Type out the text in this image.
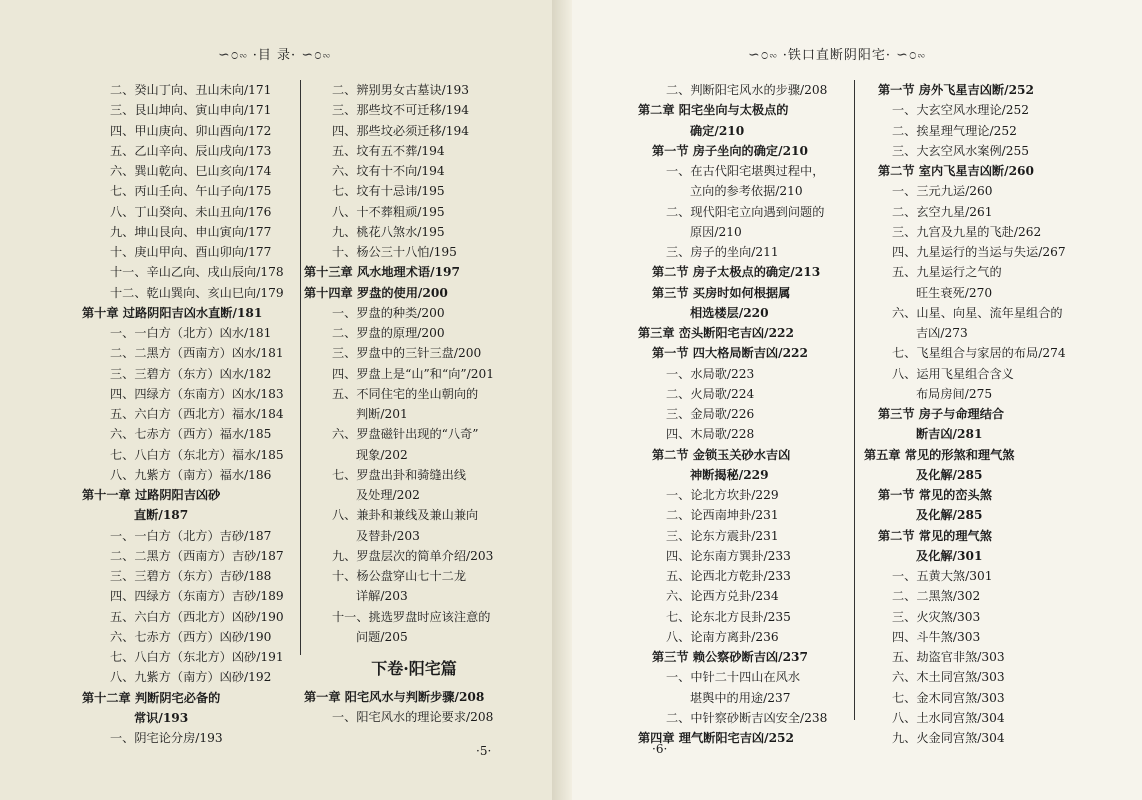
∽೦∾ ·目 录· ∽೦∾
二、癸山丁向、丑山未向/171
三、艮山坤向、寅山申向/171
四、甲山庚向、卯山酉向/172
五、乙山辛向、辰山戌向/173
六、巽山乾向、巳山亥向/174
七、丙山壬向、午山子向/175
八、丁山癸向、未山丑向/176
九、坤山艮向、申山寅向/177
十、庚山甲向、酉山卯向/177
十一、辛山乙向、戌山辰向/178
十二、乾山巽向、亥山巳向/179
第十章 过路阴阳吉凶水直断/181
一、一白方（北方）凶水/181
二、二黑方（西南方）凶水/181
三、三碧方（东方）凶水/182
四、四绿方（东南方）凶水/183
五、六白方（西北方）福水/184
六、七赤方（西方）福水/185
七、八白方（东北方）福水/185
八、九紫方（南方）福水/186
第十一章 过路阴阳吉凶砂
直断/187
一、一白方（北方）吉砂/187
二、二黑方（西南方）吉砂/187
三、三碧方（东方）吉砂/188
四、四绿方（东南方）吉砂/189
五、六白方（西北方）凶砂/190
六、七赤方（西方）凶砂/190
七、八白方（东北方）凶砂/191
八、九紫方（南方）凶砂/192
第十二章 判断阴宅必备的
常识/193
一、阴宅论分房/193
二、辨别男女古墓诀/193
三、那些坟不可迁移/194
四、那些坟必须迁移/194
五、坟有五不葬/194
六、坟有十不向/194
七、坟有十忌讳/195
八、十不葬粗顽/195
九、桃花八煞水/195
十、杨公三十八怕/195
第十三章 风水地理术语/197
第十四章 罗盘的使用/200
一、罗盘的种类/200
二、罗盘的原理/200
三、罗盘中的三针三盘/200
四、罗盘上是“山”和“向”/201
五、不同住宅的坐山朝向的
判断/201
六、罗盘磁针出现的“八奇”
现象/202
七、罗盘出卦和骑缝出线
及处理/202
八、兼卦和兼线及兼山兼向
及替卦/203
九、罗盘层次的简单介绍/203
十、杨公盘穿山七十二龙
详解/203
十一、挑选罗盘时应该注意的
问题/205
下卷·阳宅篇
第一章 阳宅风水与判断步骤/208
一、阳宅风水的理论要求/208
·5·
∽೦∾ ·铁口直断阴阳宅· ∽೦∾
二、判断阳宅风水的步骤/208
第二章 阳宅坐向与太极点的
确定/210
第一节 房子坐向的确定/210
一、在古代阳宅堪舆过程中，
立向的参考依据/210
二、现代阳宅立向遇到问题的
原因/210
三、房子的坐向/211
第二节 房子太极点的确定/213
第三节 买房时如何根据属
相选楼层/220
第三章 峦头断阳宅吉凶/222
第一节 四大格局断吉凶/222
一、水局歌/223
二、火局歌/224
三、金局歌/226
四、木局歌/228
第二节 金锁玉关砂水吉凶
神断揭秘/229
一、论北方坎卦/229
二、论西南坤卦/231
三、论东方震卦/231
四、论东南方巽卦/233
五、论西北方乾卦/233
六、论西方兑卦/234
七、论东北方艮卦/235
八、论南方离卦/236
第三节 赖公察砂断吉凶/237
一、中针二十四山在风水
堪舆中的用途/237
二、中针察砂断吉凶安全/238
第四章 理气断阳宅吉凶/252
第一节 房外飞星吉凶断/252
一、大玄空风水理论/252
二、挨星理气理论/252
三、大玄空风水案例/255
第二节 室内飞星吉凶断/260
一、三元九运/260
二、玄空九星/261
三、九宫及九星的飞赴/262
四、九星运行的当运与失运/267
五、九星运行之气的
旺生衰死/270
六、山星、向星、流年星组合的
吉凶/273
七、飞星组合与家居的布局/274
八、运用飞星组合含义
布局房间/275
第三节 房子与命理结合
断吉凶/281
第五章 常见的形煞和理气煞
及化解/285
第一节 常见的峦头煞
及化解/285
第二节 常见的理气煞
及化解/301
一、五黄大煞/301
二、二黑煞/302
三、火灾煞/303
四、斗牛煞/303
五、劫盗官非煞/303
六、木土同宫煞/303
七、金木同宫煞/303
八、土水同宫煞/304
九、火金同宫煞/304
·6·
